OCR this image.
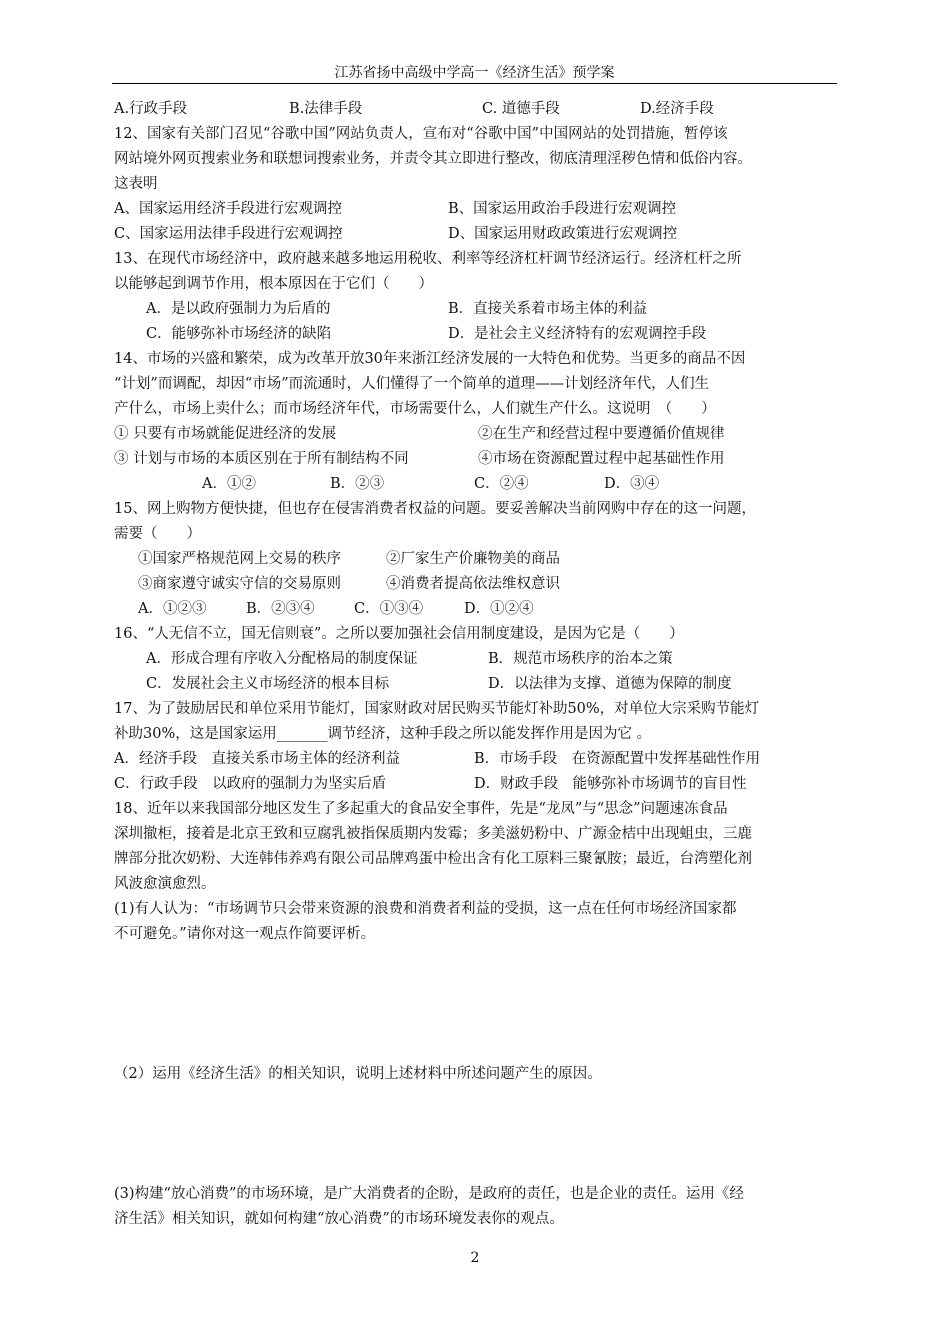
江苏省扬中高级中学高一《经济生活》预学案
A.行政手段	B.法律手段	C. 道德手段	D.经济手段
12、国家有关部门召见“谷歌中国”网站负责人，宣布对“谷歌中国”中国网站的处罚措施，暂停该
网站境外网页搜索业务和联想词搜索业务，并责令其立即进行整改，彻底清理淫秽色情和低俗内容。
这表明
A、国家运用经济手段进行宏观调控	B、国家运用政治手段进行宏观调控
C、国家运用法律手段进行宏观调控	D、国家运用财政政策进行宏观调控
13、在现代市场经济中，政府越来越多地运用税收、利率等经济杠杆调节经济运行。经济杠杆之所
以能够起到调节作用，根本原因在于它们（　　）
A．是以政府强制力为后盾的	B．直接关系着市场主体的利益
C．能够弥补市场经济的缺陷	D．是社会主义经济特有的宏观调控手段
14、市场的兴盛和繁荣，成为改革开放30年来浙江经济发展的一大特色和优势。当更多的商品不因
“计划”而调配，却因“市场”而流通时，人们懂得了一个简单的道理——计划经济年代，人们生
产什么，市场上卖什么；而市场经济年代，市场需要什么，人们就生产什么。这说明　（　　）
① 只要有市场就能促进经济的发展	②在生产和经营过程中要遵循价值规律
③ 计划与市场的本质区别在于所有制结构不同	④市场在资源配置过程中起基础性作用
A．①②	B．②③	C．②④	D．③④
15、网上购物方便快捷，但也存在侵害消费者权益的问题。要妥善解决当前网购中存在的这一问题，
需要（　　）
①国家严格规范网上交易的秩序	②厂家生产价廉物美的商品
③商家遵守诚实守信的交易原则	④消费者提高依法维权意识
A．①②③	B．②③④	C．①③④	D．①②④
16、“人无信不立，国无信则衰”。之所以要加强社会信用制度建设，是因为它是（　　）
A．形成合理有序收入分配格局的制度保证	B．规范市场秩序的治本之策
C．发展社会主义市场经济的根本目标	D．以法律为支撑、道德为保障的制度
17、为了鼓励居民和单位采用节能灯，国家财政对居民购买节能灯补助50%，对单位大宗采购节能灯
补助30%，这是国家运用_______调节经济，这种手段之所以能发挥作用是因为它 。
A．经济手段　直接关系市场主体的经济利益	B．市场手段　在资源配置中发挥基础性作用
C．行政手段　以政府的强制力为坚实后盾	D．财政手段　能够弥补市场调节的盲目性
18、近年以来我国部分地区发生了多起重大的食品安全事件，先是“龙凤”与“思念”问题速冻食品
深圳撤柜，接着是北京王致和豆腐乳被指保质期内发霉；多美滋奶粉中、广源金桔中出现蛆虫，三鹿
牌部分批次奶粉、大连韩伟养鸡有限公司品牌鸡蛋中检出含有化工原料三聚氰胺；最近，台湾塑化剂
风波愈演愈烈。
(1)有人认为：“市场调节只会带来资源的浪费和消费者利益的受损，这一点在任何市场经济国家都
不可避免。”请你对这一观点作简要评析。
（2）运用《经济生活》的相关知识，说明上述材料中所述问题产生的原因。
(3)构建“放心消费”的市场环境，是广大消费者的企盼，是政府的责任，也是企业的责任。运用《经
济生活》相关知识，就如何构建“放心消费”的市场环境发表你的观点。
2
